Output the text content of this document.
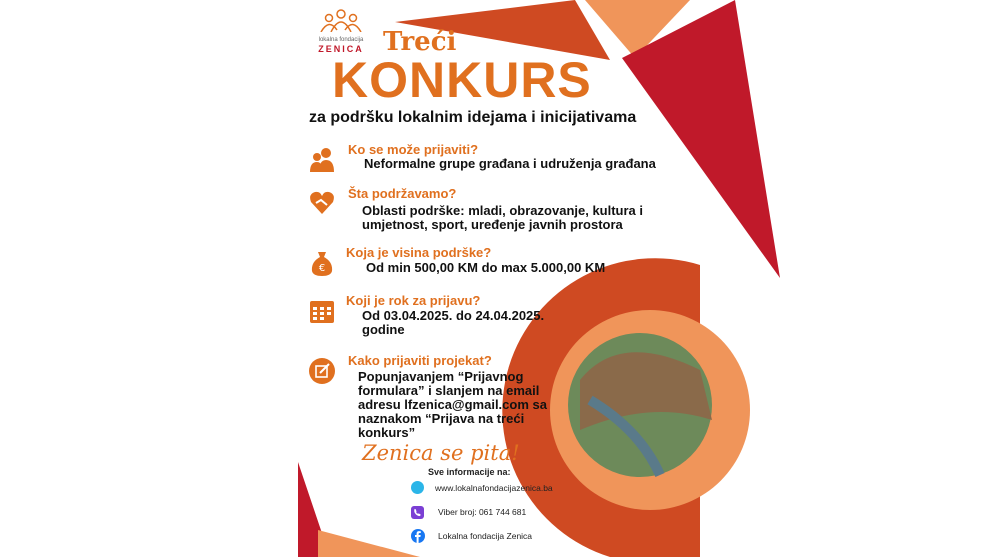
lokalna fondacija
ZENICA Treći
KONKURS
za podršku lokalnim idejama i inicijativama
Ko se može prijaviti?
Neformalne grupe građana i udruženja građana
Šta podržavamo?
Oblasti podrške: mladi, obrazovanje, kultura i umjetnost, sport, uređenje javnih prostora
€
Koja je visina podrške?
Od min 500,00 KM do max 5.000,00 KM
Koji je rok za prijavu?
Od 03.04.2025. do 24.04.2025. godine
Kako prijaviti projekat?
Popunjavanjem “Prijavnog formulara” i slanjem na email adresu lfzenica@gmail.com sa naznakom “Prijava na treći konkurs”
Zenica se pita!
Sve informacije na:
www.lokalnafondacijazenica.ba
Viber broj: 061 744 681
Lokalna fondacija Zenica
